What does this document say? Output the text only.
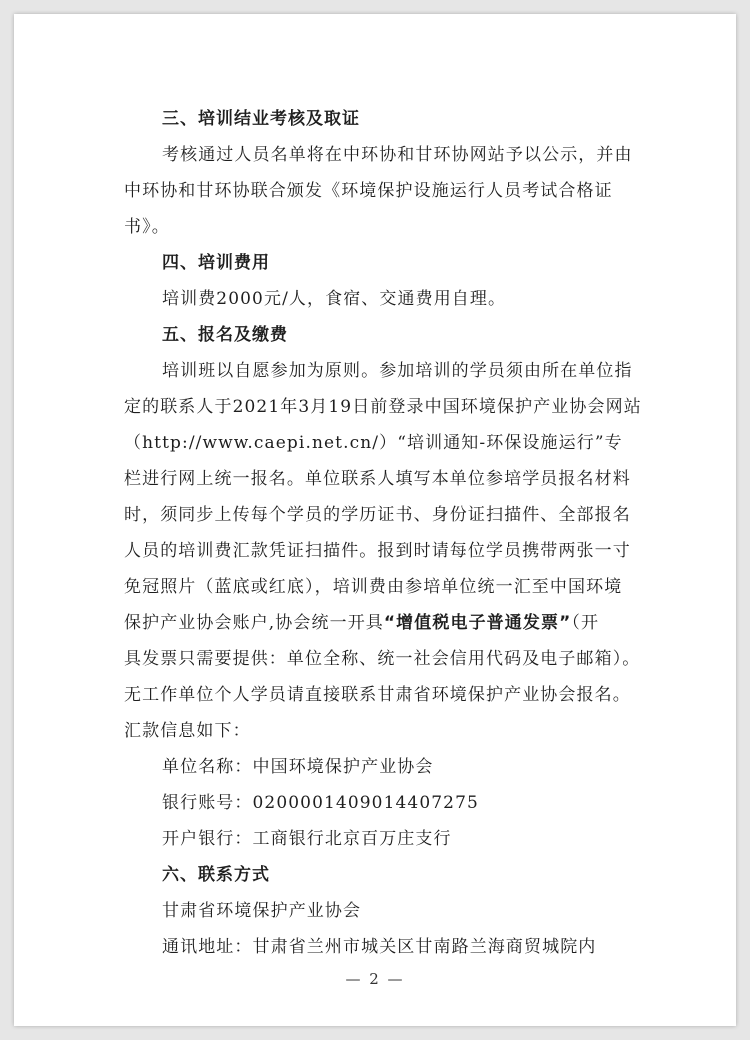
三、培训结业考核及取证
考核通过人员名单将在中环协和甘环协网站予以公示，并由
中环协和甘环协联合颁发《环境保护设施运行人员考试合格证
书》。
四、培训费用
培训费2000元/人，食宿、交通费用自理。
五、报名及缴费
培训班以自愿参加为原则。参加培训的学员须由所在单位指
定的联系人于2021年3月19日前登录中国环境保护产业协会网站
（http://www.caepi.net.cn/）“培训通知-环保设施运行”专
栏进行网上统一报名。单位联系人填写本单位参培学员报名材料
时，须同步上传每个学员的学历证书、身份证扫描件、全部报名
人员的培训费汇款凭证扫描件。报到时请每位学员携带两张一寸
免冠照片（蓝底或红底），培训费由参培单位统一汇至中国环境
保护产业协会账户,协会统一开具“增值税电子普通发票”（开
具发票只需要提供：单位全称、统一社会信用代码及电子邮箱）。
无工作单位个人学员请直接联系甘肃省环境保护产业协会报名。
汇款信息如下：
单位名称：中国环境保护产业协会
银行账号：0200001409014407275
开户银行：工商银行北京百万庄支行
六、联系方式
甘肃省环境保护产业协会
通讯地址：甘肃省兰州市城关区甘南路兰海商贸城院内
— 2 —
